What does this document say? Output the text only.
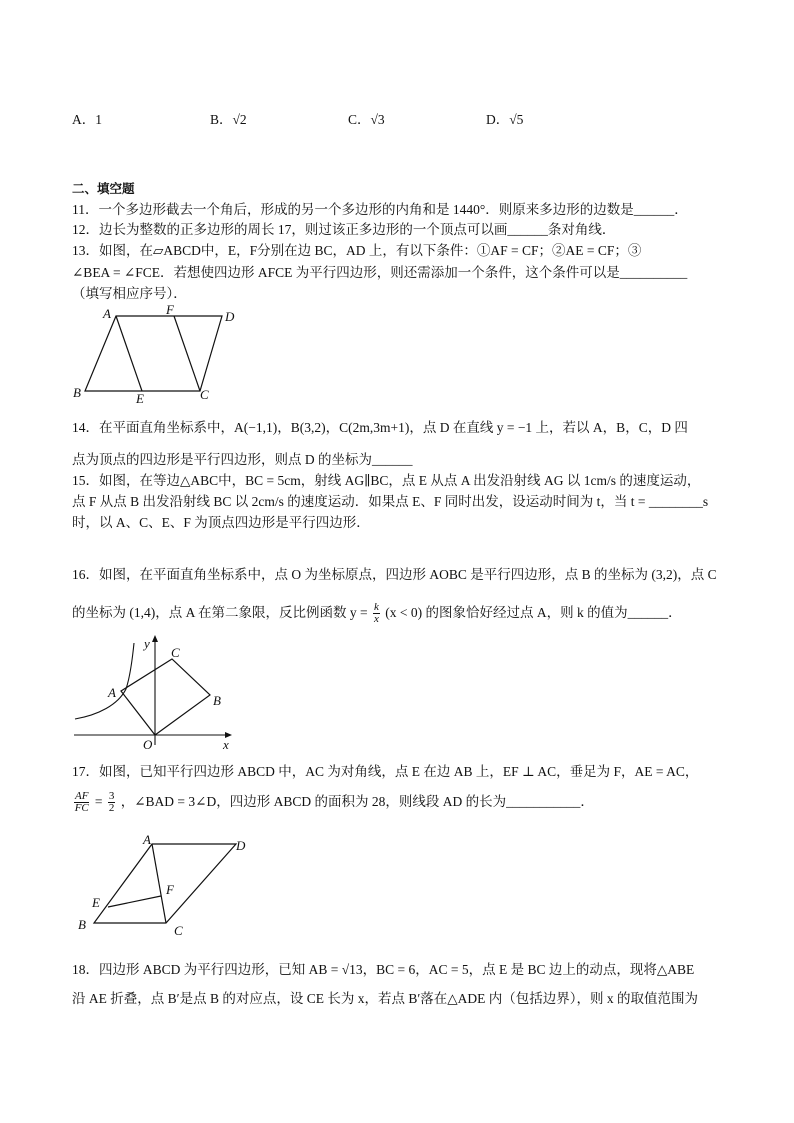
A．1	B．√2	C．√3	D．√5
二、填空题
11．一个多边形截去一个角后，形成的另一个多边形的内角和是 1440°．则原来多边形的边数是______．
12．边长为整数的正多边形的周长 17，则过该正多边形的一个顶点可以画______条对角线．
13．如图，在▱ABCD中，E，F分别在边 BC，AD 上，有以下条件：①AF = CF；②AE = CF；③
∠BEA = ∠FCE．若想使四边形 AFCE 为平行四边形，则还需添加一个条件，这个条件可以是__________
（填写相应序号）．
A	F	D
B	E	C
14．在平面直角坐标系中，A(−1,1)，B(3,2)，C(2m,3m+1)，点 D 在直线 y = −1 上，若以 A，B，C，D 四
点为顶点的四边形是平行四边形，则点 D 的坐标为______
15．如图，在等边△ABC中，BC = 5cm，射线 AG∥BC，点 E 从点 A 出发沿射线 AG 以 1cm/s 的速度运动，
点 F 从点 B 出发沿射线 BC 以 2cm/s 的速度运动．如果点 E、F 同时出发，设运动时间为 t，当 t = ________s
时，以 A、C、E、F 为顶点四边形是平行四边形．
16．如图，在平面直角坐标系中，点 O 为坐标原点，四边形 AOBC 是平行四边形，点 B 的坐标为 (3,2)，点 C
的坐标为 (1,4)，点 A 在第二象限，反比例函数 $y = \frac{k}{x} (x < 0)$ 的图象恰好经过点 A，则 k 的值为______．
y
x
O
A
B
C
17．如图，已知平行四边形 ABCD 中，AC 为对角线，点 E 在边 AB 上，EF ⊥ AC，垂足为 F，AE = AC，
$\frac{AF}{FC} = \frac{3}{2}$ ，∠BAD = 3∠D，四边形 ABCD 的面积为 28，则线段 AD 的长为___________．
A	D
E
F
B	C
18．四边形 ABCD 为平行四边形，已知 AB = √13，BC = 6，AC = 5，点 E 是 BC 边上的动点，现将△ABE
沿 AE 折叠，点 B′是点 B 的对应点，设 CE 长为 x，若点 B′落在△ADE 内（包括边界），则 x 的取值范围为
